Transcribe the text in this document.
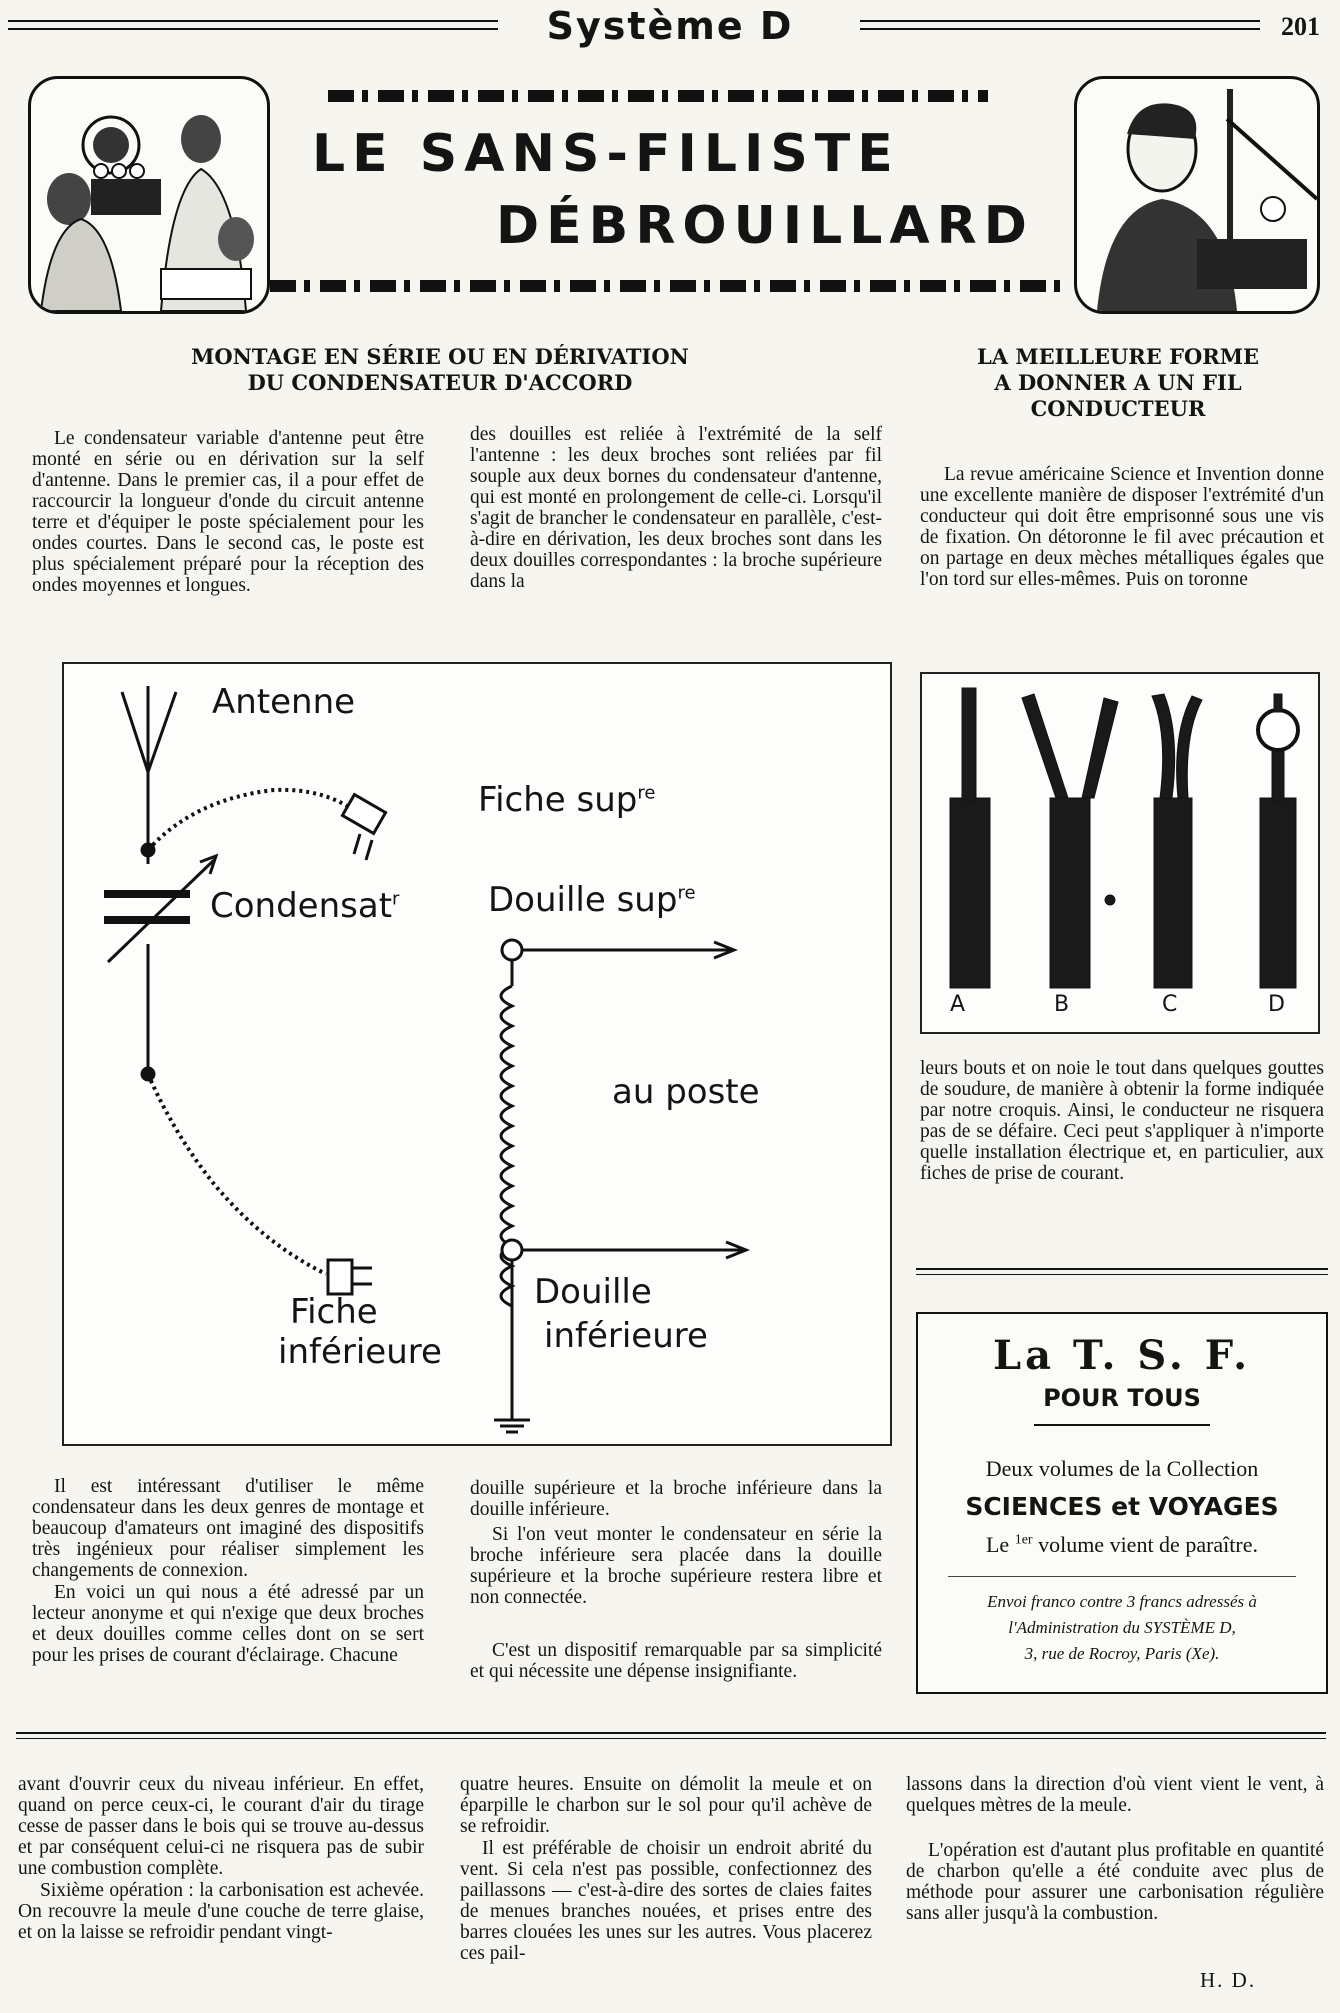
Système D	201
LE SANS-FILISTE
DÉBROUILLARD
MONTAGE EN SÉRIE OU EN DÉRIVATION
DU CONDENSATEUR D'ACCORD

Le condensateur variable d'antenne peut être monté en série ou en dérivation sur la self d'antenne. Dans le premier cas, il a pour effet de raccourcir la longueur d'onde du circuit antenne terre et d'équiper le poste spécialement pour les ondes courtes. Dans le second cas, le poste est plus spécialement préparé pour la réception des ondes moyennes et longues.

des douilles est reliée à l'extrémité de la self l'antenne : les deux broches sont reliées par fil souple aux deux bornes du condensateur d'antenne, qui est monté en prolongement de celle-ci. Lorsqu'il s'agit de brancher le condensateur en parallèle, c'est-à-dire en dérivation, les deux broches sont dans les deux douilles correspondantes : la broche supérieure dans la

Antenne
Fiche sup$^{re}$
Douille sup$^{re}$
Condensat$^r$
au poste
Fiche
inférieure
Douille
inférieure

Il est intéressant d'utiliser le même condensateur dans les deux genres de montage et beaucoup d'amateurs ont imaginé des dispositifs très ingénieux pour réaliser simplement les changements de connexion.

En voici un qui nous a été adressé par un lecteur anonyme et qui n'exige que deux broches et deux douilles comme celles dont on se sert pour les prises de courant d'éclairage. Chacune

douille supérieure et la broche inférieure dans la douille inférieure.

Si l'on veut monter le condensateur en série la broche inférieure sera placée dans la douille supérieure et la broche supérieure restera libre et non connectée.

C'est un dispositif remarquable par sa simplicité et qui nécessite une dépense insignifiante.

LA MEILLEURE FORME
A DONNER A UN FIL
CONDUCTEUR

La revue américaine Science et Invention donne une excellente manière de disposer l'extrémité d'un conducteur qui doit être emprisonné sous une vis de fixation. On détoronne le fil avec précaution et on partage en deux mèches métalliques égales que l'on tord sur elles-mêmes. Puis on toronne

A	B	C	D

leurs bouts et on noie le tout dans quelques gouttes de soudure, de manière à obtenir la forme indiquée par notre croquis. Ainsi, le conducteur ne risquera pas de se défaire. Ceci peut s'appliquer à n'importe quelle installation électrique et, en particulier, aux fiches de prise de courant.

La T. S. F.
POUR TOUS
Deux volumes de la Collection
SCIENCES et VOYAGES
Le $^{1er}$ volume vient de paraître.
Envoi franco contre 3 francs adressés à
l'Administration du SYSTÈME D,
3, rue de Rocroy, Paris (Xe).

avant d'ouvrir ceux du niveau inférieur. En effet, quand on perce ceux-ci, le courant d'air du tirage cesse de passer dans le bois qui se trouve au-dessus et par conséquent celui-ci ne risquera pas de subir une combustion complète.

Sixième opération : la carbonisation est achevée. On recouvre la meule d'une couche de terre glaise, et on la laisse se refroidir pendant vingt-

quatre heures. Ensuite on démolit la meule et on éparpille le charbon sur le sol pour qu'il achève de se refroidir.

Il est préférable de choisir un endroit abrité du vent. Si cela n'est pas possible, confectionnez des paillassons — c'est-à-dire des sortes de claies faites de menues branches nouées, et prises entre des barres clouées les unes sur les autres. Vous placerez ces pail-

lassons dans la direction d'où vient vient le vent, à quelques mètres de la meule.

L'opération est d'autant plus profitable en quantité de charbon qu'elle a été conduite avec plus de méthode pour assurer une carbonisation régulière sans aller jusqu'à la combustion.

H. D.
